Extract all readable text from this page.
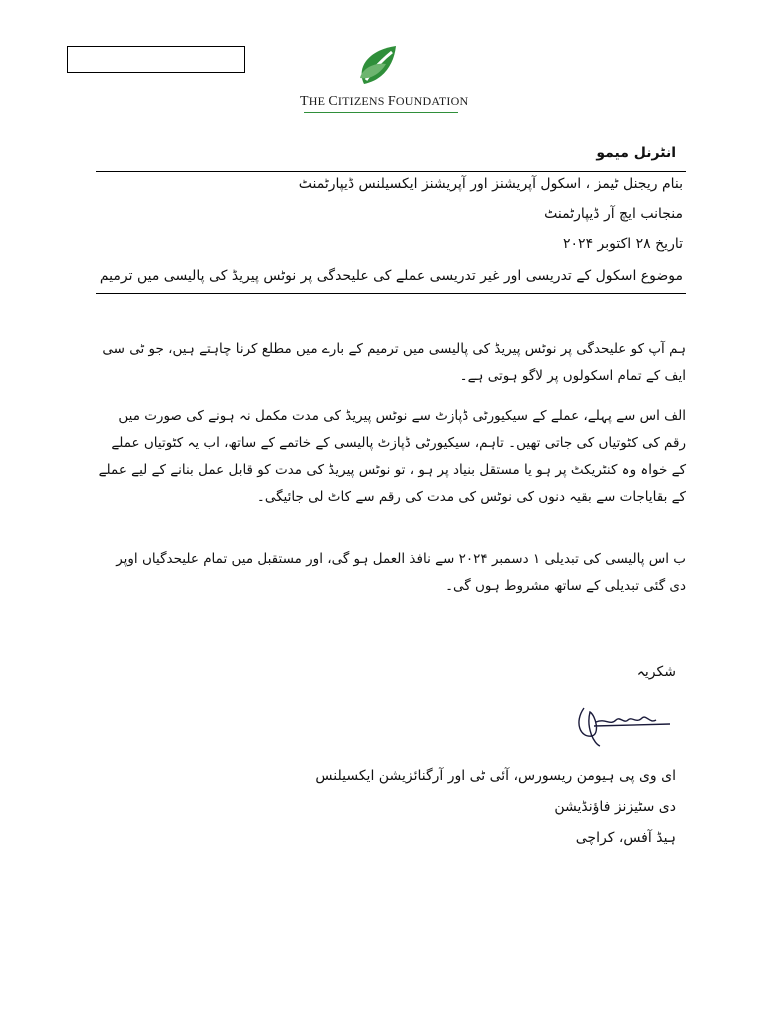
THE CITIZENS FOUNDATION
انٹرنل میمو
بنام ریجنل ٹیمز ، اسکول آپریشنز اور آپریشنز ایکسیلنس ڈیپارٹمنٹ
منجانب ایچ آر ڈیپارٹمنٹ
تاریخ ۲۸ اکتوبر ۲۰۲۴
موضوع اسکول کے تدریسی اور غیر تدریسی عملے کی علیحدگی پر نوٹس پیریڈ کی پالیسی میں ترمیم
ہم آپ کو علیحدگی پر نوٹس پیریڈ کی پالیسی میں ترمیم کے بارے میں مطلع کرنا چاہتے ہیں، جو ٹی سی ایف کے تمام اسکولوں پر لاگو ہوتی ہے۔
الف اس سے پہلے، عملے کے سیکیورٹی ڈپازٹ سے نوٹس پیریڈ کی مدت مکمل نہ ہونے کی صورت میں رقم کی کٹوتیاں کی جاتی تھیں۔ تاہم، سیکیورٹی ڈپازٹ پالیسی کے خاتمے کے ساتھ، اب یہ کٹوتیاں عملے کے خواہ وہ کنٹریکٹ پر ہو یا مستقل بنیاد پر ہو ، تو نوٹس پیریڈ کی مدت کو قابل عمل بنانے کے لیے عملے کے بقایاجات سے بقیہ دنوں کی نوٹس کی مدت کی رقم سے کاٹ لی جائیگی۔
ب اس پالیسی کی تبدیلی ۱ دسمبر ۲۰۲۴ سے نافذ العمل ہو گی، اور مستقبل میں تمام علیحدگیاں اوپر دی گئی تبدیلی کے ساتھ مشروط ہوں گی۔
شکریہ
ای وی پی ہیومن ریسورس، آئی ٹی اور آرگنائزیشن ایکسیلنس
دی سٹیزنز فاؤنڈیشن
ہیڈ آفس، کراچی
